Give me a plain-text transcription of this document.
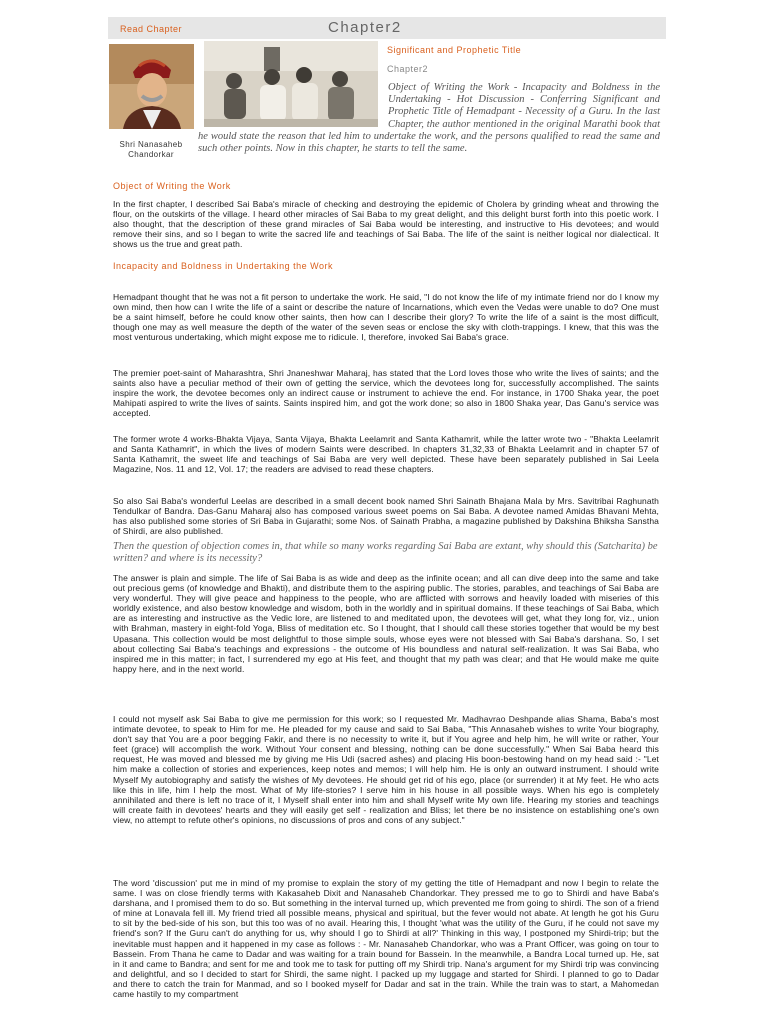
Read Chapter	Chapter2
Shri Nanasaheb
Chandorkar
Significant and Prophetic Title
Chapter2
Object of Writing the Work - Incapacity and Boldness in the Undertaking - Hot Discussion - Conferring Significant and Prophetic Title of Hemadpant - Necessity of a Guru. In the last Chapter, the author mentioned in the original Marathi book that he would state the reason that led him to undertake the work, and the persons qualified to read the same and such other points. Now in this chapter, he starts to tell the same.
Object of Writing the Work
In the first chapter, I described Sai Baba's miracle of checking and destroying the epidemic of Cholera by grinding wheat and throwing the flour, on the outskirts of the village. I heard other miracles of Sai Baba to my great delight, and this delight burst forth into this poetic work. I also thought, that the description of these grand miracles of Sai Baba would be interesting, and instructive to His devotees; and would remove their sins, and so I began to write the sacred life and teachings of Sai Baba. The life of the saint is neither logical nor dialectical. It shows us the true and great path.
Incapacity and Boldness in Undertaking the Work
Hemadpant thought that he was not a fit person to undertake the work. He said, "I do not know the life of my intimate friend nor do I know my own mind, then how can I write the life of a saint or describe the nature of Incarnations, which even the Vedas were unable to do? One must be a saint himself, before he could know other saints, then how can I describe their glory? To write the life of a saint is the most difficult, though one may as well measure the depth of the water of the seven seas or enclose the sky with cloth-trappings. I knew, that this was the most venturous undertaking, which might expose me to ridicule. I, therefore, invoked Sai Baba's grace.
The premier poet-saint of Maharashtra, Shri Jnaneshwar Maharaj, has stated that the Lord loves those who write the lives of saints; and the saints also have a peculiar method of their own of getting the service, which the devotees long for, successfully accomplished. The saints inspire the work, the devotee becomes only an indirect cause or instrument to achieve the end. For instance, in 1700 Shaka year, the poet Mahipati aspired to write the lives of saints. Saints inspired him, and got the work done; so also in 1800 Shaka year, Das Ganu's service was accepted.
The former wrote 4 works-Bhakta Vijaya, Santa Vijaya, Bhakta Leelamrit and Santa Kathamrit, while the latter wrote two - "Bhakta Leelamrit and Santa Kathamrit", in which the lives of modern Saints were described. In chapters 31,32,33 of Bhakta Leelamrit and in chapter 57 of Santa Kathamrit, the sweet life and teachings of Sai Baba are very well depicted. These have been separately published in Sai Leela Magazine, Nos. 11 and 12, Vol. 17; the readers are advised to read these chapters.
So also Sai Baba's wonderful Leelas are described in a small decent book named Shri Sainath Bhajana Mala by Mrs. Savitribai Raghunath Tendulkar of Bandra. Das-Ganu Maharaj also has composed various sweet poems on Sai Baba. A devotee named Amidas Bhavani Mehta, has also published some stories of Sri Baba in Gujarathi; some Nos. of Sainath Prabha, a magazine published by Dakshina Bhiksha Sanstha of Shirdi, are also published.
Then the question of objection comes in, that while so many works regarding Sai Baba are extant, why should this (Satcharita) be written? and where is its necessity?
The answer is plain and simple. The life of Sai Baba is as wide and deep as the infinite ocean; and all can dive deep into the same and take out precious gems (of knowledge and Bhakti), and distribute them to the aspiring public. The stories, parables, and teachings of Sai Baba are very wonderful. They will give peace and happiness to the people, who are afflicted with sorrows and heavily loaded with miseries of this worldly existence, and also bestow knowledge and wisdom, both in the worldly and in spiritual domains. If these teachings of Sai Baba, which are as interesting and instructive as the Vedic lore, are listened to and meditated upon, the devotees will get, what they long for, viz., union with Brahman, mastery in eight-fold Yoga, Bliss of meditation etc. So I thought, that I should call these stories together that would be my best Upasana. This collection would be most delightful to those simple souls, whose eyes were not blessed with Sai Baba's darshana. So, I set about collecting Sai Baba's teachings and expressions - the outcome of His boundless and natural self-realization. It was Sai Baba, who inspired me in this matter; in fact, I surrendered my ego at His feet, and thought that my path was clear; and that He would make me quite happy here, and in the next world.
I could not myself ask Sai Baba to give me permission for this work; so I requested Mr. Madhavrao Deshpande alias Shama, Baba's most intimate devotee, to speak to Him for me. He pleaded for my cause and said to Sai Baba, "This Annasaheb wishes to write Your biography, don't say that You are a poor begging Fakir, and there is no necessity to write it, but if You agree and help him, he will write or rather, Your feet (grace) will accomplish the work. Without Your consent and blessing, nothing can be done successfully." When Sai Baba heard this request, He was moved and blessed me by giving me His Udi (sacred ashes) and placing His boon-bestowing hand on my head said :- "Let him make a collection of stories and experiences, keep notes and memos; I will help him. He is only an outward instrument. I should write Myself My autobiography and satisfy the wishes of My devotees. He should get rid of his ego, place (or surrender) it at My feet. He who acts like this in life, him I help the most. What of My life-stories? I serve him in his house in all possible ways. When his ego is completely annihilated and there is left no trace of it, I Myself shall enter into him and shall Myself write My own life. Hearing my stories and teachings will create faith in devotees' hearts and they will easily get self - realization and Bliss; let there be no insistence on establishing one's own view, no attempt to refute other's opinions, no discussions of pros and cons of any subject."
The word 'discussion' put me in mind of my promise to explain the story of my getting the title of Hemadpant and now I begin to relate the same. I was on close friendly terms with Kakasaheb Dixit and Nanasaheb Chandorkar. They pressed me to go to Shirdi and have Baba's darshana, and I promised them to do so. But something in the interval turned up, which prevented me from going to shirdi. The son of a friend of mine at Lonavala fell ill. My friend tried all possible means, physical and spiritual, but the fever would not abate. At length he got his Guru to sit by the bed-side of his son, but this too was of no avail. Hearing this, I thought 'what was the utility of the Guru, if he could not save my friend's son? If the Guru can't do anything for us, why should I go to Shirdi at all?' Thinking in this way, I postponed my Shirdi-trip; but the inevitable must happen and it happened in my case as follows : - Mr. Nanasaheb Chandorkar, who was a Prant Officer, was going on tour to Bassein. From Thana he came to Dadar and was waiting for a train bound for Bassein. In the meanwhile, a Bandra Local turned up. He, sat in it and came to Bandra; and sent for me and took me to task for putting off my Shirdi trip. Nana's argument for my Shirdi trip was convincing and delightful, and so I decided to start for Shirdi, the same night. I packed up my luggage and started for Shirdi. I planned to go to Dadar and there to catch the train for Manmad, and so I booked myself for Dadar and sat in the train. While the train was to start, a Mahomedan came hastily to my compartment
